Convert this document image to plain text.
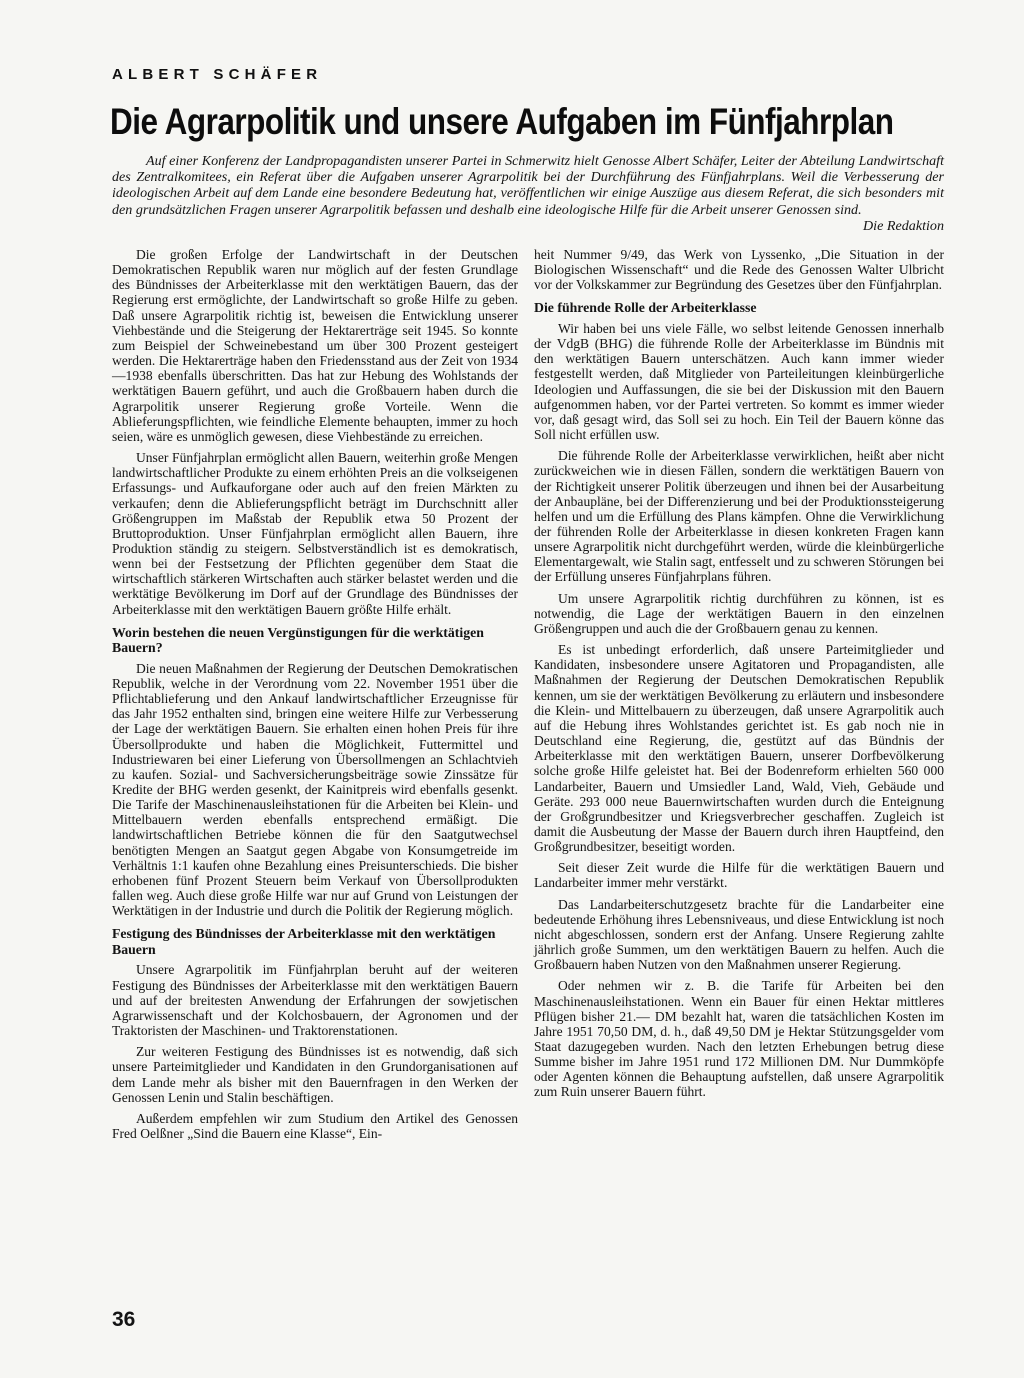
ALBERT SCHÄFER
Die Agrarpolitik und unsere Aufgaben im Fünfjahrplan
Auf einer Konferenz der Landpropagandisten unserer Partei in Schmerwitz hielt Genosse Albert Schäfer, Leiter der Abteilung Landwirtschaft des Zentralkomitees, ein Referat über die Aufgaben unserer Agrarpolitik bei der Durchführung des Fünfjahrplans. Weil die Verbesserung der ideologischen Arbeit auf dem Lande eine besondere Bedeutung hat, veröffentlichen wir einige Auszüge aus diesem Referat, die sich besonders mit den grundsätzlichen Fragen unserer Agrarpolitik befassen und deshalb eine ideologische Hilfe für die Arbeit unserer Genossen sind.
Die Redaktion

Die großen Erfolge der Landwirtschaft in der Deutschen Demokratischen Republik waren nur möglich auf der festen Grundlage des Bündnisses der Arbeiterklasse mit den werktätigen Bauern, das der Regierung erst ermöglichte, der Landwirtschaft so große Hilfe zu geben. Daß unsere Agrarpolitik richtig ist, beweisen die Entwicklung unserer Viehbestände und die Steigerung der Hektarerträge seit 1945. So konnte zum Beispiel der Schweinebestand um über 300 Prozent gesteigert werden. Die Hektarerträge haben den Friedensstand aus der Zeit von 1934—1938 ebenfalls überschritten. Das hat zur Hebung des Wohlstands der werktätigen Bauern geführt, und auch die Großbauern haben durch die Agrarpolitik unserer Regierung große Vorteile. Wenn die Ablieferungspflichten, wie feindliche Elemente behaupten, immer zu hoch seien, wäre es unmöglich gewesen, diese Viehbestände zu erreichen.

Unser Fünfjahrplan ermöglicht allen Bauern, weiterhin große Mengen landwirtschaftlicher Produkte zu einem erhöhten Preis an die volkseigenen Erfassungs- und Aufkauforgane oder auch auf den freien Märkten zu verkaufen; denn die Ablieferungspflicht beträgt im Durchschnitt aller Größengruppen im Maßstab der Republik etwa 50 Prozent der Bruttoproduktion. Unser Fünfjahrplan ermöglicht allen Bauern, ihre Produktion ständig zu steigern. Selbstverständlich ist es demokratisch, wenn bei der Festsetzung der Pflichten gegenüber dem Staat die wirtschaftlich stärkeren Wirtschaften auch stärker belastet werden und die werktätige Bevölkerung im Dorf auf der Grundlage des Bündnisses der Arbeiterklasse mit den werktätigen Bauern größte Hilfe erhält.

Worin bestehen die neuen Vergünstigungen für die werktätigen Bauern?

Die neuen Maßnahmen der Regierung der Deutschen Demokratischen Republik, welche in der Verordnung vom 22. November 1951 über die Pflichtablieferung und den Ankauf landwirtschaftlicher Erzeugnisse für das Jahr 1952 enthalten sind, bringen eine weitere Hilfe zur Verbesserung der Lage der werktätigen Bauern. Sie erhalten einen hohen Preis für ihre Übersollprodukte und haben die Möglichkeit, Futtermittel und Industriewaren bei einer Lieferung von Übersollmengen an Schlachtvieh zu kaufen. Sozial- und Sachversicherungsbeiträge sowie Zinssätze für Kredite der BHG werden gesenkt, der Kainitpreis wird ebenfalls gesenkt. Die Tarife der Maschinenausleihstationen für die Arbeiten bei Klein- und Mittelbauern werden ebenfalls entsprechend ermäßigt. Die landwirtschaftlichen Betriebe können die für den Saatgutwechsel benötigten Mengen an Saatgut gegen Abgabe von Konsumgetreide im Verhältnis 1:1 kaufen ohne Bezahlung eines Preisunterschieds. Die bisher erhobenen fünf Prozent Steuern beim Verkauf von Übersollprodukten fallen weg. Auch diese große Hilfe war nur auf Grund von Leistungen der Werktätigen in der Industrie und durch die Politik der Regierung möglich.

Festigung des Bündnisses der Arbeiterklasse mit den werktätigen Bauern

Unsere Agrarpolitik im Fünfjahrplan beruht auf der weiteren Festigung des Bündnisses der Arbeiterklasse mit den werktätigen Bauern und auf der breitesten Anwendung der Erfahrungen der sowjetischen Agrarwissenschaft und der Kolchosbauern, der Agronomen und der Traktoristen der Maschinen- und Traktorenstationen.

Zur weiteren Festigung des Bündnisses ist es notwendig, daß sich unsere Parteimitglieder und Kandidaten in den Grundorganisationen auf dem Lande mehr als bisher mit den Bauernfragen in den Werken der Genossen Lenin und Stalin beschäftigen.

Außerdem empfehlen wir zum Studium den Artikel des Genossen Fred Oelßner „Sind die Bauern eine Klasse“, Ein-

heit Nummer 9/49, das Werk von Lyssenko, „Die Situation in der Biologischen Wissenschaft“ und die Rede des Genossen Walter Ulbricht vor der Volkskammer zur Begründung des Gesetzes über den Fünfjahrplan.

Die führende Rolle der Arbeiterklasse

Wir haben bei uns viele Fälle, wo selbst leitende Genossen innerhalb der VdgB (BHG) die führende Rolle der Arbeiterklasse im Bündnis mit den werktätigen Bauern unterschätzen. Auch kann immer wieder festgestellt werden, daß Mitglieder von Parteileitungen kleinbürgerliche Ideologien und Auffassungen, die sie bei der Diskussion mit den Bauern aufgenommen haben, vor der Partei vertreten. So kommt es immer wieder vor, daß gesagt wird, das Soll sei zu hoch. Ein Teil der Bauern könne das Soll nicht erfüllen usw.

Die führende Rolle der Arbeiterklasse verwirklichen, heißt aber nicht zurückweichen wie in diesen Fällen, sondern die werktätigen Bauern von der Richtigkeit unserer Politik überzeugen und ihnen bei der Ausarbeitung der Anbaupläne, bei der Differenzierung und bei der Produktionssteigerung helfen und um die Erfüllung des Plans kämpfen. Ohne die Verwirklichung der führenden Rolle der Arbeiterklasse in diesen konkreten Fragen kann unsere Agrarpolitik nicht durchgeführt werden, würde die kleinbürgerliche Elementargewalt, wie Stalin sagt, entfesselt und zu schweren Störungen bei der Erfüllung unseres Fünfjahrplans führen.

Um unsere Agrarpolitik richtig durchführen zu können, ist es notwendig, die Lage der werktätigen Bauern in den einzelnen Größengruppen und auch die der Großbauern genau zu kennen.

Es ist unbedingt erforderlich, daß unsere Parteimitglieder und Kandidaten, insbesondere unsere Agitatoren und Propagandisten, alle Maßnahmen der Regierung der Deutschen Demokratischen Republik kennen, um sie der werktätigen Bevölkerung zu erläutern und insbesondere die Klein- und Mittelbauern zu überzeugen, daß unsere Agrarpolitik auch auf die Hebung ihres Wohlstandes gerichtet ist. Es gab noch nie in Deutschland eine Regierung, die, gestützt auf das Bündnis der Arbeiterklasse mit den werktätigen Bauern, unserer Dorfbevölkerung solche große Hilfe geleistet hat. Bei der Bodenreform erhielten 560 000 Landarbeiter, Bauern und Umsiedler Land, Wald, Vieh, Gebäude und Geräte. 293 000 neue Bauernwirtschaften wurden durch die Enteignung der Großgrundbesitzer und Kriegsverbrecher geschaffen. Zugleich ist damit die Ausbeutung der Masse der Bauern durch ihren Hauptfeind, den Großgrundbesitzer, beseitigt worden.

Seit dieser Zeit wurde die Hilfe für die werktätigen Bauern und Landarbeiter immer mehr verstärkt.

Das Landarbeiterschutzgesetz brachte für die Landarbeiter eine bedeutende Erhöhung ihres Lebensniveaus, und diese Entwicklung ist noch nicht abgeschlossen, sondern erst der Anfang. Unsere Regierung zahlte jährlich große Summen, um den werktätigen Bauern zu helfen. Auch die Großbauern haben Nutzen von den Maßnahmen unserer Regierung.

Oder nehmen wir z. B. die Tarife für Arbeiten bei den Maschinenausleihstationen. Wenn ein Bauer für einen Hektar mittleres Pflügen bisher 21.— DM bezahlt hat, waren die tatsächlichen Kosten im Jahre 1951 70,50 DM, d. h., daß 49,50 DM je Hektar Stützungsgelder vom Staat dazugegeben wurden. Nach den letzten Erhebungen betrug diese Summe bisher im Jahre 1951 rund 172 Millionen DM. Nur Dummköpfe oder Agenten können die Behauptung aufstellen, daß unsere Agrarpolitik zum Ruin unserer Bauern führt.

36
